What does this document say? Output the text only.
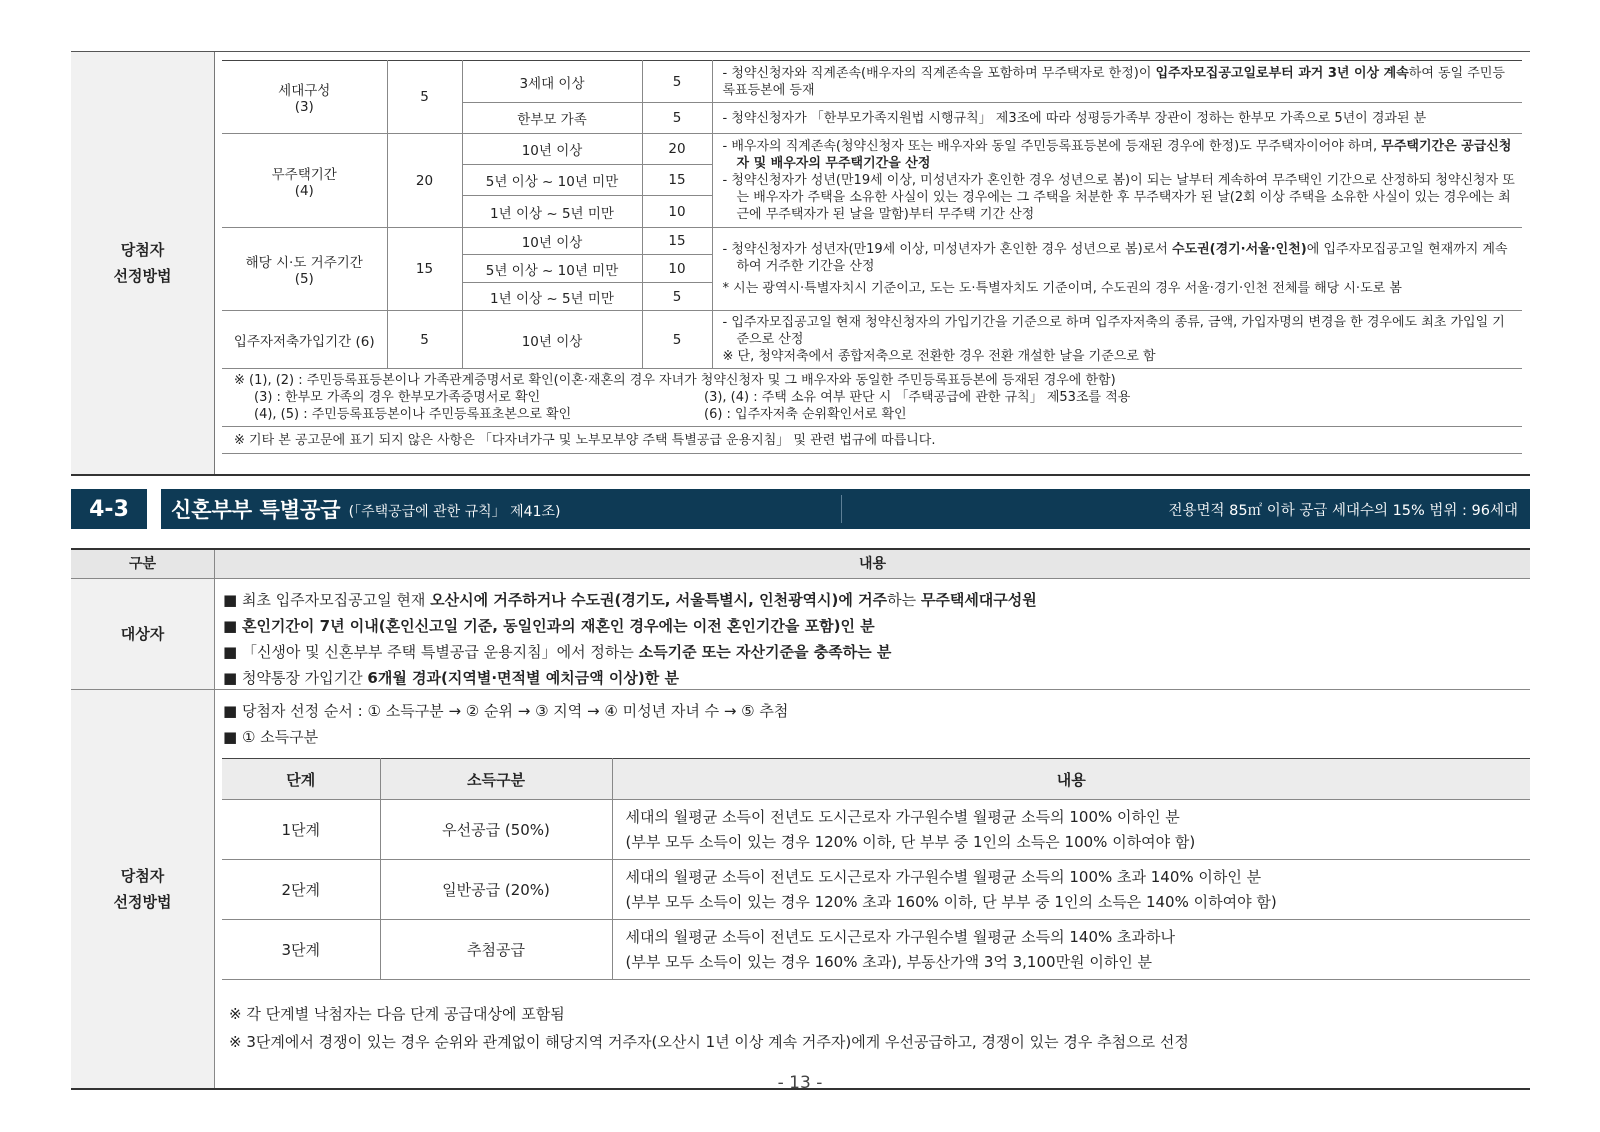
당첨자
선정방법
세대구성
(3)	5	3세대 이상	5	- 청약신청자와 직계존속(배우자의 직계존속을 포함하며 무주택자로 한정)이 입주자모집공고일로부터 과거 3년 이상 계속하여 동일 주민등록표등본에 등재
		한부모 가족	5	- 청약신청자가 「한부모가족지원법 시행규칙」 제3조에 따라 성평등가족부 장관이 정하는 한부모 가족으로 5년이 경과된 분
무주택기간
(4)	20	10년 이상	20	- 배우자의 직계존속(청약신청자 또는 배우자와 동일 주민등록표등본에 등재된 경우에 한정)도 무주택자이어야 하며, 무주택기간은 공급신청자 및 배우자의 무주택기간을 산정
- 청약신청자가 성년(만19세 이상, 미성년자가 혼인한 경우 성년으로 봄)이 되는 날부터 계속하여 무주택인 기간으로 산정하되 청약신청자 또는 배우자가 주택을 소유한 사실이 있는 경우에는 그 주택을 처분한 후 무주택자가 된 날(2회 이상 주택을 소유한 사실이 있는 경우에는 최근에 무주택자가 된 날을 말함)부터 무주택 기간 산정

		5년 이상 ~ 10년 미만	15	
		1년 이상 ~ 5년 미만	10	
해당 시·도 거주기간
(5)	15	10년 이상	15	- 청약신청자가 성년자(만19세 이상, 미성년자가 혼인한 경우 성년으로 봄)로서 수도권(경기·서울·인천)에 입주자모집공고일 현재까지 계속하여 거주한 기간을 산정
* 시는 광역시·특별자치시 기준이고, 도는 도·특별자치도 기준이며, 수도권의 경우 서울·경기·인천 전체를 해당 시·도로 봄

		5년 이상 ~ 10년 미만	10	
		1년 이상 ~ 5년 미만	5	
입주자저축가입기간 (6)	5	10년 이상	5	- 입주자모집공고일 현재 청약신청자의 가입기간을 기준으로 하며 입주자저축의 종류, 금액, 가입자명의 변경을 한 경우에도 최초 가입일 기준으로 산정
※ 단, 청약저축에서 종합저축으로 전환한 경우 전환 개설한 날을 기준으로 함

※ (1), (2) : 주민등록표등본이나 가족관계증명서로 확인(이혼·재혼의 경우 자녀가 청약신청자 및 그 배우자와 동일한 주민등록표등본에 등재된 경우에 한함)
(3) : 한부모 가족의 경우 한부모가족증명서로 확인 (3), (4) : 주택 소유 여부 판단 시 「주택공급에 관한 규칙」 제53조를 적용
(4), (5) : 주민등록표등본이나 주민등록표초본으로 확인 (6) : 입주자저축 순위확인서로 확인				

※ 기타 본 공고문에 표기 되지 않은 사항은 「다자녀가구 및 노부모부양 주택 특별공급 운용지침」 및 관련 법규에 따릅니다.				
4-3	신혼부부 특별공급 (「주택공급에 관한 규칙」 제41조)	전용면적 85㎡ 이하 공급 세대수의 15% 범위 : 96세대
구분	내용
대상자
■ 최초 입주자모집공고일 현재 오산시에 거주하거나 수도권(경기도, 서울특별시, 인천광역시)에 거주하는 무주택세대구성원
■ 혼인기간이 7년 이내(혼인신고일 기준, 동일인과의 재혼인 경우에는 이전 혼인기간을 포함)인 분
■ 「신생아 및 신혼부부 주택 특별공급 운용지침」에서 정하는 소득기준 또는 자산기준을 충족하는 분
■ 청약통장 가입기간 6개월 경과(지역별·면적별 예치금액 이상)한 분
당첨자
선정방법
■ 당첨자 선정 순서 : ① 소득구분 → ② 순위 → ③ 지역 → ④ 미성년 자녀 수 → ⑤ 추첨
■ ① 소득구분
단계	소득구분	내용
1단계	우선공급 (50%)	세대의 월평균 소득이 전년도 도시근로자 가구원수별 월평균 소득의 100% 이하인 분
(부부 모두 소득이 있는 경우 120% 이하, 단 부부 중 1인의 소득은 100% 이하여야 함)

2단계	일반공급 (20%)	세대의 월평균 소득이 전년도 도시근로자 가구원수별 월평균 소득의 100% 초과 140% 이하인 분
(부부 모두 소득이 있는 경우 120% 초과 160% 이하, 단 부부 중 1인의 소득은 140% 이하여야 함)

3단계	추첨공급	세대의 월평균 소득이 전년도 도시근로자 가구원수별 월평균 소득의 140% 초과하나
(부부 모두 소득이 있는 경우 160% 초과), 부동산가액 3억 3,100만원 이하인 분
※ 각 단계별 낙첨자는 다음 단계 공급대상에 포함됨
※ 3단계에서 경쟁이 있는 경우 순위와 관계없이 해당지역 거주자(오산시 1년 이상 계속 거주자)에게 우선공급하고, 경쟁이 있는 경우 추첨으로 선정
- 13 -
